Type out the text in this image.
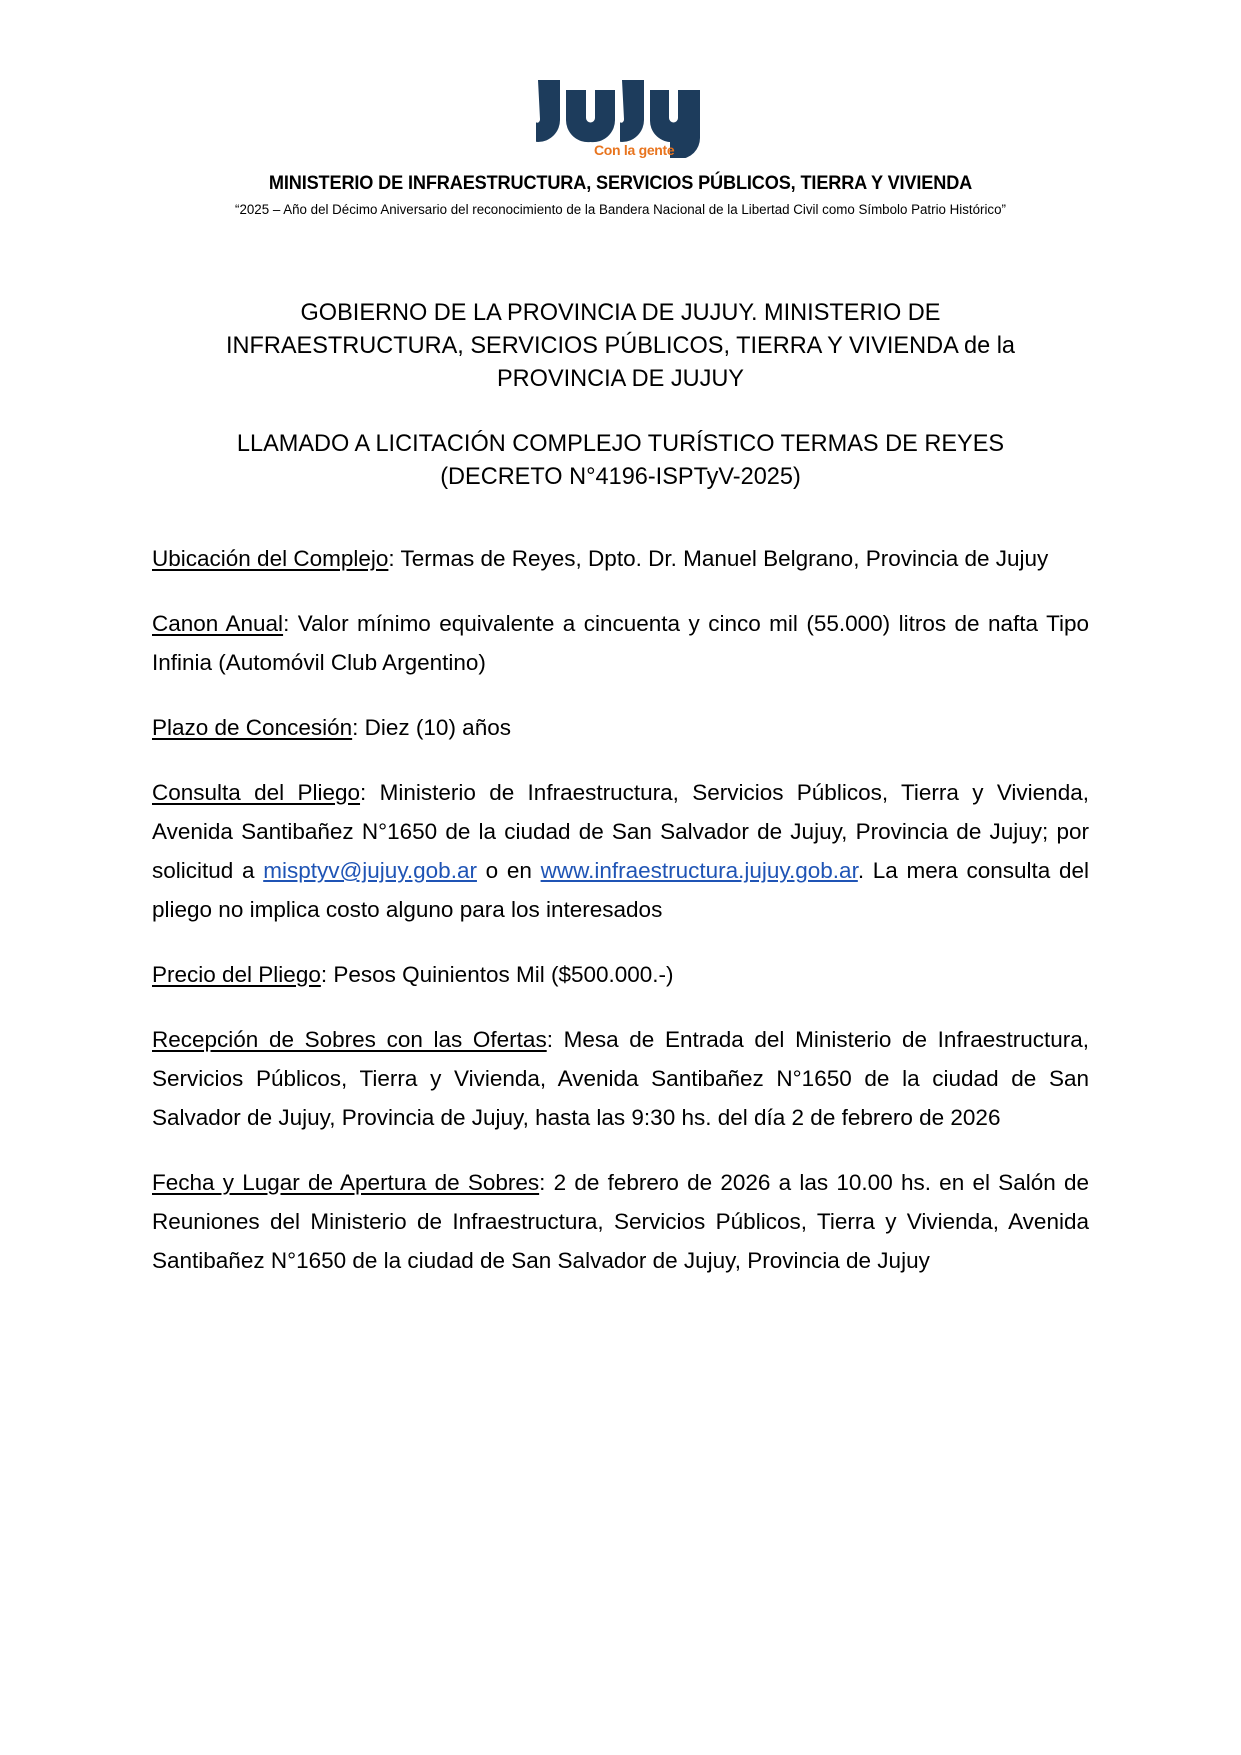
Con la gente
MINISTERIO DE INFRAESTRUCTURA, SERVICIOS PÚBLICOS, TIERRA Y VIVIENDA
“2025 – Año del Décimo Aniversario del reconocimiento de la Bandera Nacional de la Libertad Civil como Símbolo Patrio Histórico”
GOBIERNO DE LA PROVINCIA DE JUJUY. MINISTERIO DE
INFRAESTRUCTURA, SERVICIOS PÚBLICOS, TIERRA Y VIVIENDA de la
PROVINCIA DE JUJUY
LLAMADO A LICITACIÓN COMPLEJO TURÍSTICO TERMAS DE REYES
(DECRETO N°4196-ISPTyV-2025)

Ubicación del Complejo: Termas de Reyes, Dpto. Dr. Manuel Belgrano, Provincia de Jujuy

Canon Anual: Valor mínimo equivalente a cincuenta y cinco mil (55.000) litros de nafta Tipo Infinia (Automóvil Club Argentino)

Plazo de Concesión: Diez (10) años

Consulta del Pliego: Ministerio de Infraestructura, Servicios Públicos, Tierra y Vivienda, Avenida Santibañez N°1650 de la ciudad de San Salvador de Jujuy, Provincia de Jujuy; por solicitud a misptyv@jujuy.gob.ar o en www.infraestructura.jujuy.gob.ar. La mera consulta del pliego no implica costo alguno para los interesados

Precio del Pliego: Pesos Quinientos Mil ($500.000.-)

Recepción de Sobres con las Ofertas: Mesa de Entrada del Ministerio de Infraestructura, Servicios Públicos, Tierra y Vivienda, Avenida Santibañez N°1650 de la ciudad de San Salvador de Jujuy, Provincia de Jujuy, hasta las 9:30 hs. del día 2 de febrero de 2026

Fecha y Lugar de Apertura de Sobres: 2 de febrero de 2026 a las 10.00 hs. en el Salón de Reuniones del Ministerio de Infraestructura, Servicios Públicos, Tierra y Vivienda, Avenida Santibañez N°1650 de la ciudad de San Salvador de Jujuy, Provincia de Jujuy
